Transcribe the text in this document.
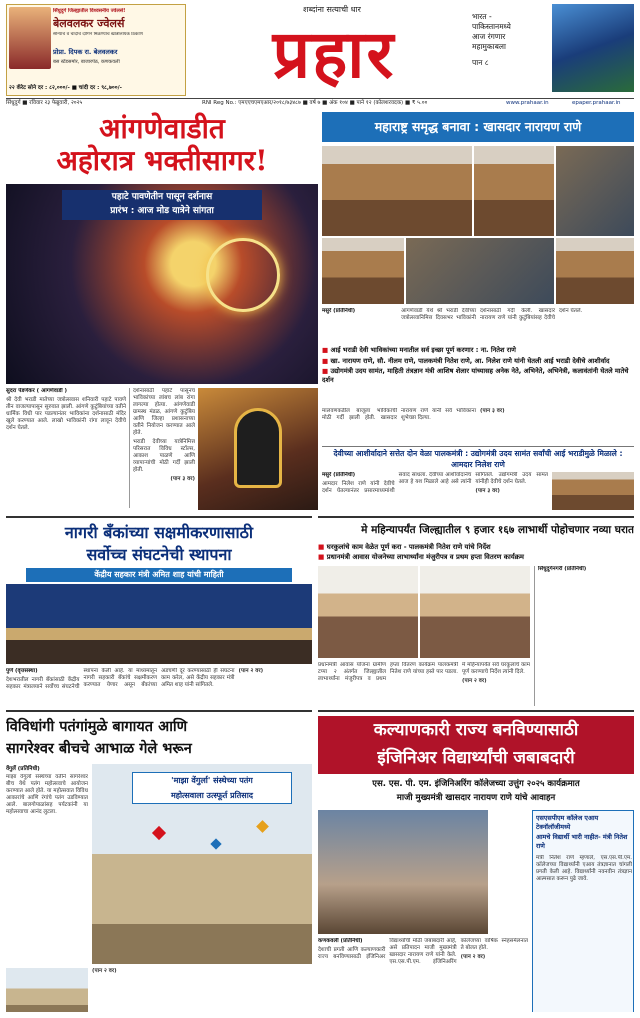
सिंधुदुर्ग जिल्ह्यातील विश्वसनीय ज्वेलर्स!
बेलवलकर ज्वेलर्स
सोन्याचे व चांदीचे दागिने मिळण्याचे खात्रीलायक ठिकाण
प्रोप्रा. दिपक रा. बेलवलकर
बस स्टँडसमोर, बाजारपेठ, कणकवली
२२ कॅरेट सोने दर : ८२,०००/- ■ चांदी दर : ९८,७००/-
शब्दांना सत्याची धार
प्रहार	भारत -
पाकिस्तानमध्ये
आज रंगणार
महामुकाबला
पान ८
सिंधुदुर्ग ■ रविवार २३ फेब्रुवारी, २०२५	RNI Reg No.: एमएएचएमएआर/२०१८/७३४८७ ■ वर्ष ७ ■ अंक १०४ ■ पाने १२ (कोलशरवदक) ■ ₹ ५.००	www.prahaar.in	epaper.prahaar.in
आंगणेवाडीत
अहोरात्र भक्तीसागर!
पहाटे पावणेतीन पासून दर्शनास
प्रारंभ : आज मोड यात्रेने सांगता

सुंदरा पेडणेकर ( आंगणेवाडी )

श्री देवी भराडी मातेच्या जत्रोत्सवास शनिवारी पहाटे पावणे तीन वाजल्यापासून सुरुवात झाली. आंगणे कुटुंबियांच्या वतीने धार्मिक विधी पार पडल्यानंतर भाविकांना दर्शनासाठी मंदिर खुले करण्यात आले. लाखो भाविकांनी रांगा लावून देवीचे दर्शन घेतले.

दर्शनासाठी पहाटे पासूनच भाविकांच्या लांबच लांब रांगा लागल्या होत्या. आंगणेवाडी ग्रामस्थ मंडळ, आंगणे कुटुंबिय आणि जिल्हा प्रशासनाच्या वतीने नियोजन करण्यात आले होते.

भराडी देवीच्या यात्रेनिमित्त परिसरात विविध स्टॉल्स, आकाश पाळणे आणि व्यापाऱ्यांची मोठी गर्दी झाली होती.

(पान ३ वर)

महाराष्ट्र समृद्ध बनावा : खासदार नारायण राणे

मसुरे (प्रतिनिधी)	आंगणेवाडी येथे श्री भराडी देवीच्या जत्रोत्सवानिमित्त दिवसभर भाविकांनी दर्शनासाठी गर्दी केली. खासदार नारायण राणे यांनी कुटुंबियांसह देवीचे दर्शन घेतले.

■ आई भराडी देवी भाविकांच्या मनातील सर्व इच्छा पूर्ण करणार : ना. नितेश राणे
■ खा. नारायण राणे, सौ. नीलम राणे, पालकमंत्री नितेश राणे, आ. निलेश राणे यांनी घेतली आई भराडी देवीचे आशीर्वाद
■ उद्योगमंत्री उदय सामंत, माहिती तंत्रज्ञान मंत्री आशिष शेलार यांच्यासह अनेक नेते, अभिनेते, अभिनेत्री, कलावंतांनी घेतले मातेचे दर्शन

मालवणकडील बाजूला भाविकांची मोठी गर्दी झाली होती. खासदार नारायण राणे यांनी सर्व भाविकांना शुभेच्छा दिल्या.

(पान ३ वर)

देवीच्या आशीर्वादाने सत्तेत दोन वेळा पालकमंत्री : उद्योगमंत्री उदय सामंत सर्वांची आई भराडीमुळे मिळाले : आमदार निलेश राणे

मसुरे (प्रतिनिधी)

आमदार निलेश राणे यांनी देवीचे दर्शन घेतल्यानंतर प्रसारमाध्यमांशी संवाद साधला. देवीच्या आशीर्वादानेच आज हे यश मिळाले आहे असे त्यांनी सांगितले. उद्योगमंत्री उदय सामंत यांनीही देवीचे दर्शन घेतले.

(पान ३ वर)

नागरी बँकांच्या सक्षमीकरणासाठी
सर्वोच्च संघटनेची स्थापना
केंद्रीय सहकार मंत्री अमित शाह यांची माहिती

पुणे (वृत्तसंस्था)

देशभरातील नागरी बँकांसाठी केंद्रीय सहकार मंत्रालयाने सर्वोच्च संघटनेची स्थापना केली आहे. या माध्यमातून नागरी सहकारी बँकांचे सक्षमीकरण करण्यात येणार असून बँकांच्या अडचणी दूर करण्यासाठी ही संघटना काम करेल, असे केंद्रीय सहकार मंत्री अमित शाह यांनी सांगितले.

(पान २ वर)

मे महिन्यापर्यंत जिल्ह्यातील ९ हजार १६७ लाभार्थी पोहोचणार नव्या घरात
■ घरकुलांचे काम वेळेत पूर्ण करा - पालकमंत्री नितेश राणे यांचे निर्देश
■ प्रधानमंत्री आवास योजनेच्या लाभार्थ्यांना मंजुरीपत्र व प्रथम हप्ता वितरण कार्यक्रम

प्रधानमंत्री आवास योजना ग्रामीण टप्पा २ अंतर्गत जिल्ह्यातील लाभार्थ्यांना मंजुरीपत्र व प्रथम हप्ता वितरण कार्यक्रम पालकमंत्री नितेश राणे यांच्या हस्ते पार पडला. मे महिन्यापर्यंत सर्व घरकुलांचे काम पूर्ण करण्याचे निर्देश त्यांनी दिले.

(पान २ वर)

सिंधुदुर्गनगरी (प्रतिनिधी)

विविधांगी पतंगांमुळे बागायत आणि
सागरेश्वर बीचचे आभाळ गेले भरून
वेंगुर्ले (प्रतिनिधी)
'माझा वेंगुर्ला' संस्थेच्या पतंग
महोत्सवाला उत्स्फूर्त प्रतिसाद

माझा वेंगुर्ला संस्थेच्या वतीने सागरेश्वर बीच येथे पतंग महोत्सवाचे आयोजन करण्यात आले होते. या महोत्सवात विविध आकारांचे आणि रंगांचे पतंग उडविण्यात आले. बालगोपाळांसह पर्यटकांनी या महोत्सवाचा आनंद लुटला.

(पान २ वर)

कल्याणकारी राज्य बनविण्यासाठी
इंजिनिअर विद्यार्थ्यांची जबाबदारी
एस. एस. पी. एम. इंजिनिअरिंग कॉलेजच्या उत्तुंग २०२५ कार्यक्रमात
माजी मुख्यमंत्री खासदार नारायण राणे यांचे आवाहन

कणकवली (प्रतिनिधी)

देशाची प्रगती आणि कल्याणकारी राज्य बनविण्यासाठी इंजिनिअर विद्यार्थ्यांची मोठी जबाबदारी आहे, असे प्रतिपादन माजी मुख्यमंत्री खासदार नारायण राणे यांनी केले. एस.एस.पी.एम. इंजिनिअरिंग कॉलेजच्या वार्षिक स्नेहसंमेलनात ते बोलत होते.

(पान २ वर)

एसएसपीएम कॉलेज एआय टेक्नॉलॉजीमध्ये
आमचे विद्यार्थी भारी नाहीत- मंत्री नितेश राणे
मंत्री नितेश राणे म्हणाले, एस.एस.पी.एम. कॉलेजच्या विद्यार्थ्यांनी एआय तंत्रज्ञानात चांगली प्रगती केली आहे. विद्यार्थ्यांनी नवनवीन तंत्रज्ञान आत्मसात करून पुढे जावे.
